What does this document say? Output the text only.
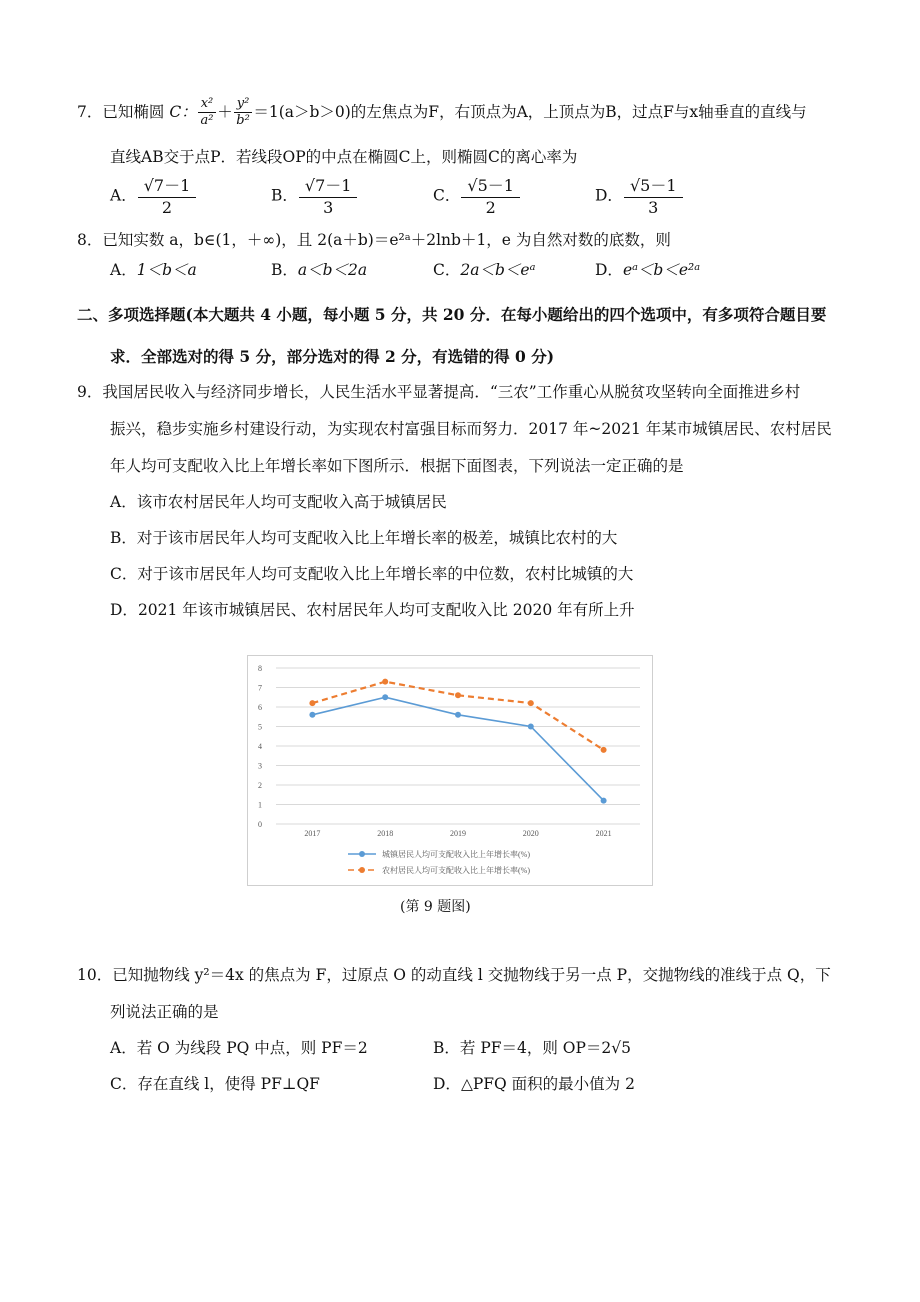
7．已知椭圆 C： $\frac{\text{x²}}{\text{a²}} + \frac{\text{y²}}{\text{b²}} =1(a>b>0)$的左焦点为F，右顶点为A，上顶点为B，过点F与x轴垂直的直线与
直线AB交于点P．若线段OP的中点在椭圆C上，则椭圆C的离心率为
A． $\frac{√7-1}{2}$	B． $\frac{√7-1}{3}$	C． $\frac{√5-1}{2}$	D． $\frac{√5-1}{3}$
8．已知实数 a，b∈(1，＋∞)，且 2(a＋b)＝e²ᵃ＋2lnb＋1，e 为自然对数的底数，则
A．1＜b＜a	B．a＜b＜2a	C．2a＜b＜eᵃ	D．eᵃ＜b＜e²ᵃ
二、多项选择题(本大题共 4 小题，每小题 5 分，共 20 分．在每小题给出的四个选项中，有多项符合题目要
求．全部选对的得 5 分，部分选对的得 2 分，有选错的得 0 分)
9．我国居民收入与经济同步增长，人民生活水平显著提高．“三农”工作重心从脱贫攻坚转向全面推进乡村
振兴，稳步实施乡村建设行动，为实现农村富强目标而努力．2017 年~2021 年某市城镇居民、农村居民
年人均可支配收入比上年增长率如下图所示．根据下面图表，下列说法一定正确的是
A．该市农村居民年人均可支配收入高于城镇居民
B．对于该市居民年人均可支配收入比上年增长率的极差，城镇比农村的大
C．对于该市居民年人均可支配收入比上年增长率的中位数，农村比城镇的大
D．2021 年该市城镇居民、农村居民年人均可支配收入比 2020 年有所上升
0
1
2
3
4
5
6
7
8
2017	2018	2019	2020	2021
城镇居民人均可支配收入比上年增长率(%)
农村居民人均可支配收入比上年增长率(%)
(第 9 题图)
10．已知抛物线 y²＝4x 的焦点为 F，过原点 O 的动直线 l 交抛物线于另一点 P，交抛物线的准线于点 Q，下
列说法正确的是
A．若 O 为线段 PQ 中点，则 PF＝2	B．若 PF＝4，则 OP＝2√5
C．存在直线 l，使得 PF⊥QF	D．△PFQ 面积的最小值为 2
